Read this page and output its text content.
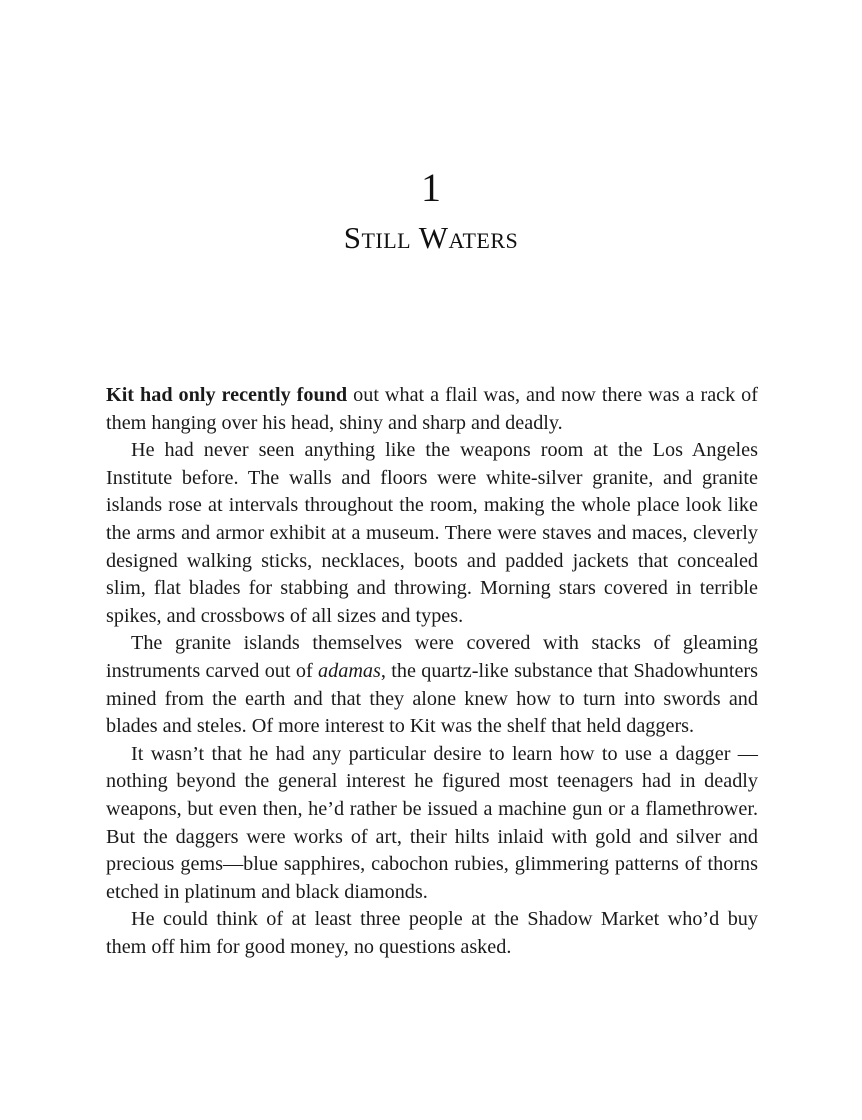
1
Still Waters

Kit had only recently found out what a flail was, and now there was a rack of them hanging over his head, shiny and sharp and deadly.

He had never seen anything like the weapons room at the Los Angeles Institute before. The walls and floors were white-silver granite, and granite islands rose at intervals throughout the room, making the whole place look like the arms and armor exhibit at a museum. There were staves and maces, cleverly designed walking sticks, necklaces, boots and padded jackets that concealed slim, flat blades for stabbing and throwing. Morning stars covered in terrible spikes, and crossbows of all sizes and types.

The granite islands themselves were covered with stacks of gleaming instruments carved out of adamas, the quartz-like substance that Shadowhunters mined from the earth and that they alone knew how to turn into swords and blades and steles. Of more interest to Kit was the shelf that held daggers.

It wasn’t that he had any particular desire to learn how to use a dagger —nothing beyond the general interest he figured most teenagers had in deadly weapons, but even then, he’d rather be issued a machine gun or a flamethrower. But the daggers were works of art, their hilts inlaid with gold and silver and precious gems—blue sapphires, cabochon rubies, glimmering patterns of thorns etched in platinum and black diamonds.

He could think of at least three people at the Shadow Market who’d buy them off him for good money, no questions asked.
